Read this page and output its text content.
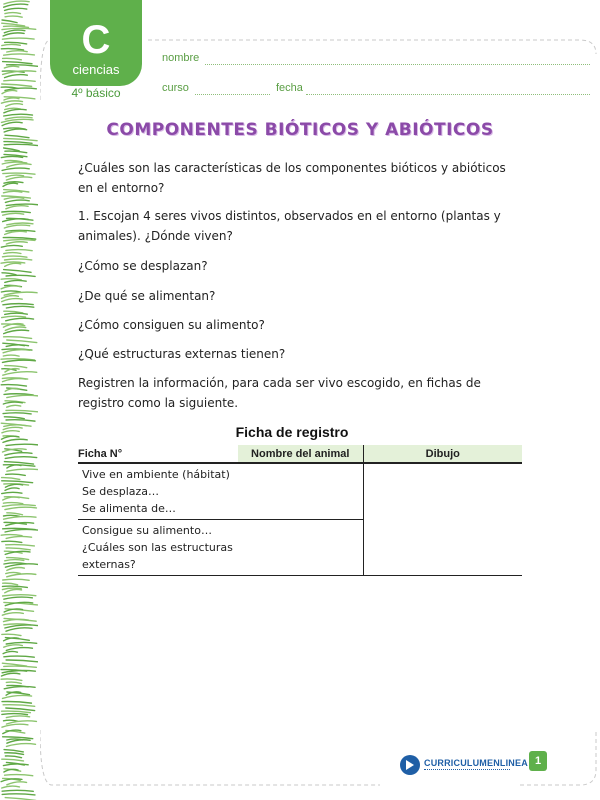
C
ciencias
4º básico
nombre
curso	fecha
COMPONENTES BIÓTICOS Y ABIÓTICOS
¿Cuáles son las características de los componentes bióticos y abióticos en el entorno?
1. Escojan 4 seres vivos distintos, observados en el entorno (plantas y animales). ¿Dónde viven?
¿Cómo se desplazan?
¿De qué se alimentan?
¿Cómo consiguen su alimento?
¿Qué estructuras externas tienen?
Registren la información, para cada ser vivo escogido, en fichas de registro como la siguiente.
Ficha de registro
Ficha N°	Nombre del animal	Dibujo

Vive en ambiente (hábitat)
Se desplaza…
Se alimenta de…		

Consigue su alimento…
¿Cuáles son las estructuras
externas?		
CURRICULUMENLINEA 1
